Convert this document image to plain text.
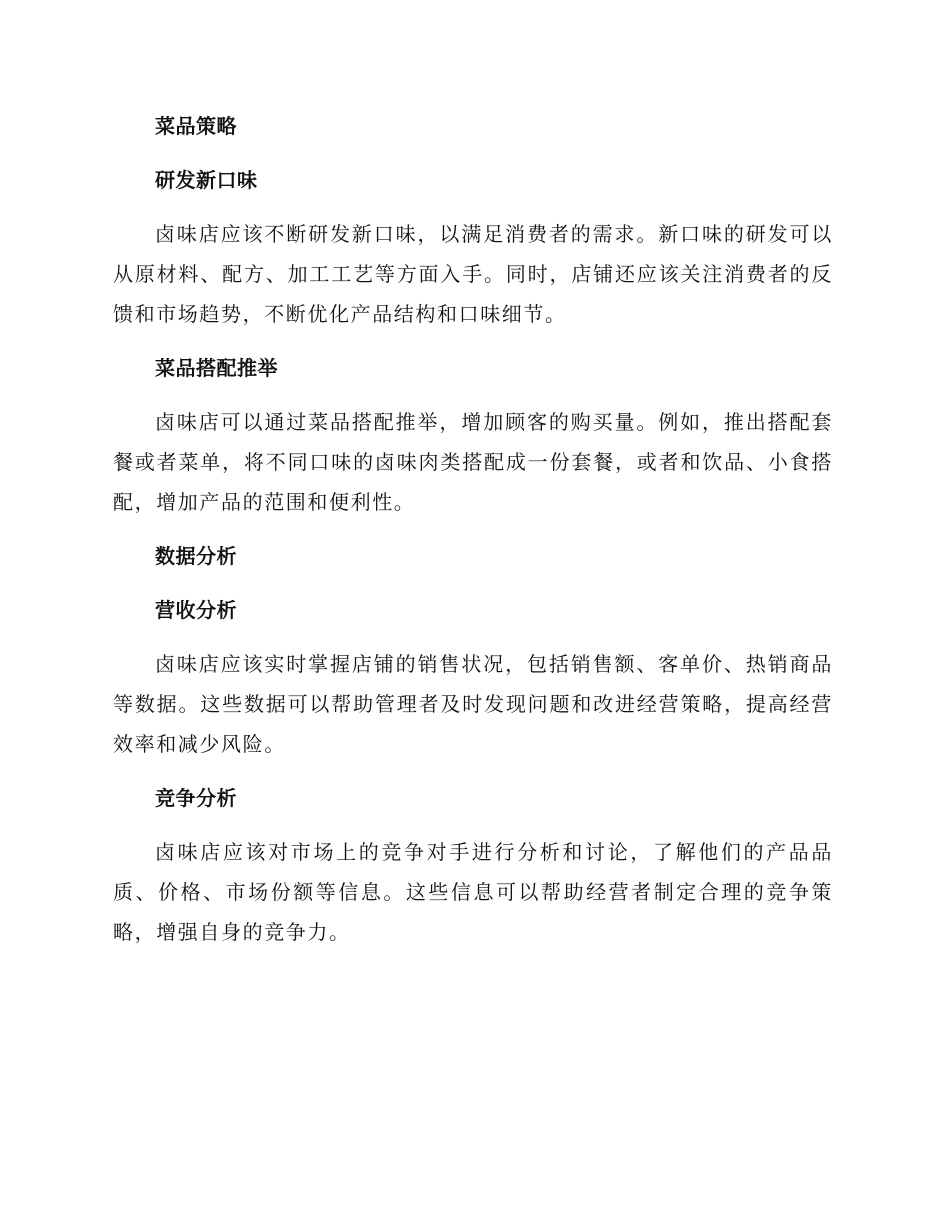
菜品策略
研发新口味

卤味店应该不断研发新口味，以满足消费者的需求。新口味的研发可以从原材料、配方、加工工艺等方面入手。同时，店铺还应该关注消费者的反馈和市场趋势，不断优化产品结构和口味细节。

菜品搭配推举

卤味店可以通过菜品搭配推举，增加顾客的购买量。例如，推出搭配套餐或者菜单，将不同口味的卤味肉类搭配成一份套餐，或者和饮品、小食搭配，增加产品的范围和便利性。

数据分析
营收分析

卤味店应该实时掌握店铺的销售状况，包括销售额、客单价、热销商品等数据。这些数据可以帮助管理者及时发现问题和改进经营策略，提高经营效率和减少风险。

竞争分析

卤味店应该对市场上的竞争对手进行分析和讨论，了解他们的产品品质、价格、市场份额等信息。这些信息可以帮助经营者制定合理的竞争策略，增强自身的竞争力。
